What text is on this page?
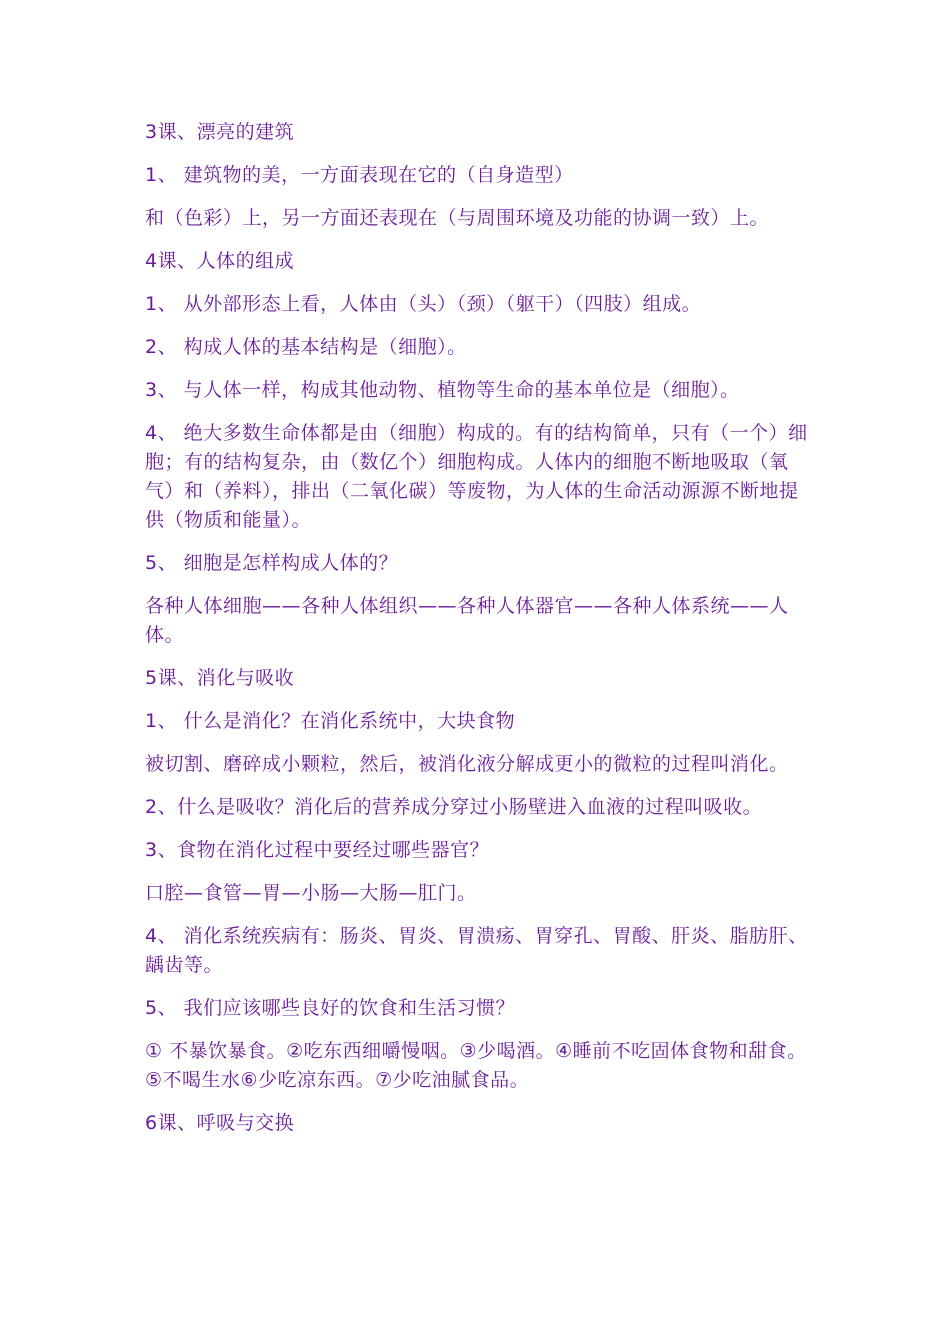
3课、漂亮的建筑

1、 建筑物的美，一方面表现在它的（自身造型）

和（色彩）上，另一方面还表现在（与周围环境及功能的协调一致）上。

4课、人体的组成

1、 从外部形态上看，人体由（头）（颈）（躯干）（四肢）组成。

2、 构成人体的基本结构是（细胞）。

3、 与人体一样，构成其他动物、植物等生命的基本单位是（细胞）。

4、 绝大多数生命体都是由（细胞）构成的。有的结构简单，只有（一个）细胞；有的结构复杂，由（数亿个）细胞构成。人体内的细胞不断地吸取（氧气）和（养料），排出（二氧化碳）等废物，为人体的生命活动源源不断地提供（物质和能量）。

5、 细胞是怎样构成人体的？

各种人体细胞——各种人体组织——各种人体器官——各种人体系统——人体。

5课、消化与吸收

1、 什么是消化？在消化系统中，大块食物

被切割、磨碎成小颗粒，然后，被消化液分解成更小的微粒的过程叫消化。

2、什么是吸收？消化后的营养成分穿过小肠壁进入血液的过程叫吸收。

3、食物在消化过程中要经过哪些器官？

口腔—食管—胃—小肠—大肠—肛门。

4、 消化系统疾病有：肠炎、胃炎、胃溃疡、胃穿孔、胃酸、肝炎、脂肪肝、龋齿等。

5、 我们应该哪些良好的饮食和生活习惯？

① 不暴饮暴食。②吃东西细嚼慢咽。③少喝酒。④睡前不吃固体食物和甜食。⑤不喝生水⑥少吃凉东西。⑦少吃油腻食品。

6课、呼吸与交换
